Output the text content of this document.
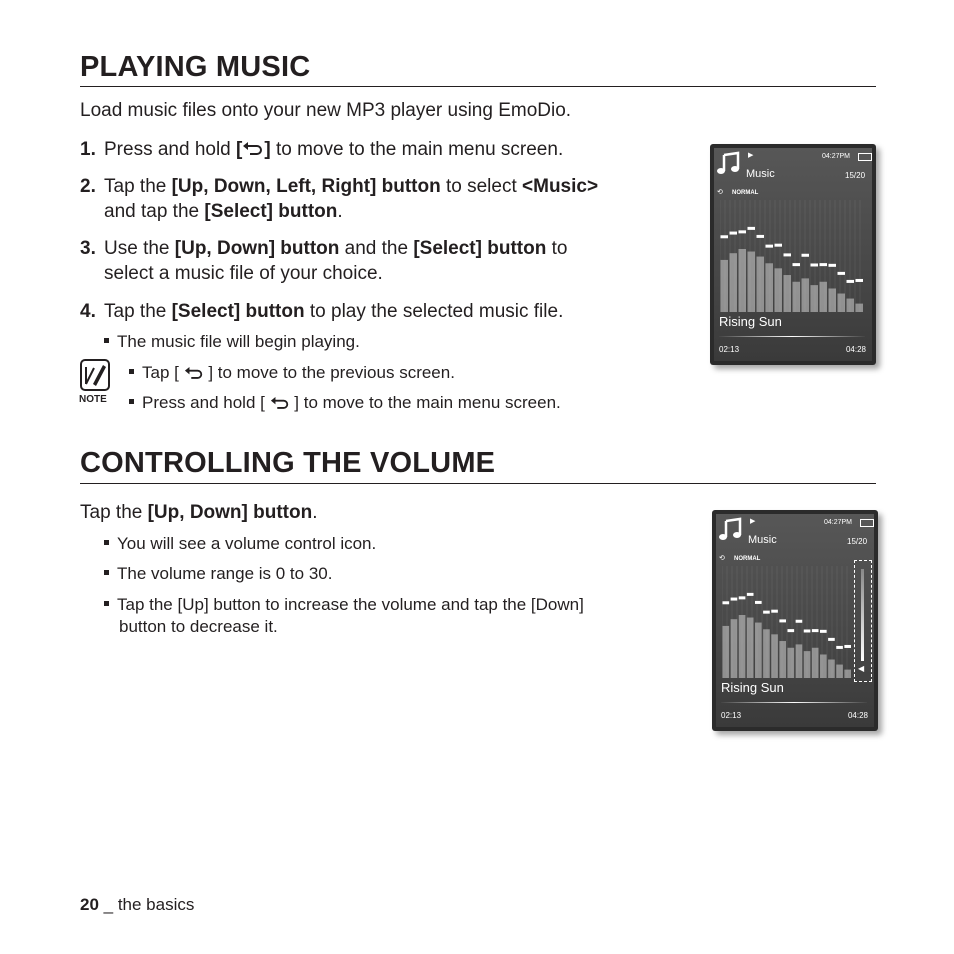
PLAYING MUSIC
Load music files onto your new MP3 player using EmoDio.
1. Press and hold [ ] to move to the main menu screen.
2. Tap the [Up, Down, Left, Right] button to select <Music>
and tap the [Select] button.
3. Use the [Up, Down] button and the [Select] button to
select a music file of your choice.
4. Tap the [Select] button to play the selected music file.
The music file will begin playing.
NOTE
Tap [  ] to move to the previous screen.
Press and hold [  ] to move to the main menu screen.
▶	04:27PM
Music	15/20
⟲ NORMAL
Rising Sun
02:13	04:28
CONTROLLING THE VOLUME
Tap the [Up, Down] button.
You will see a volume control icon.
The volume range is 0 to 30.
Tap the [Up] button to increase the volume and tap the [Down]
button to decrease it.
▶	04:27PM
Music	15/20
⟲ NORMAL
◀
Rising Sun
02:13	04:28
20 _ the basics
